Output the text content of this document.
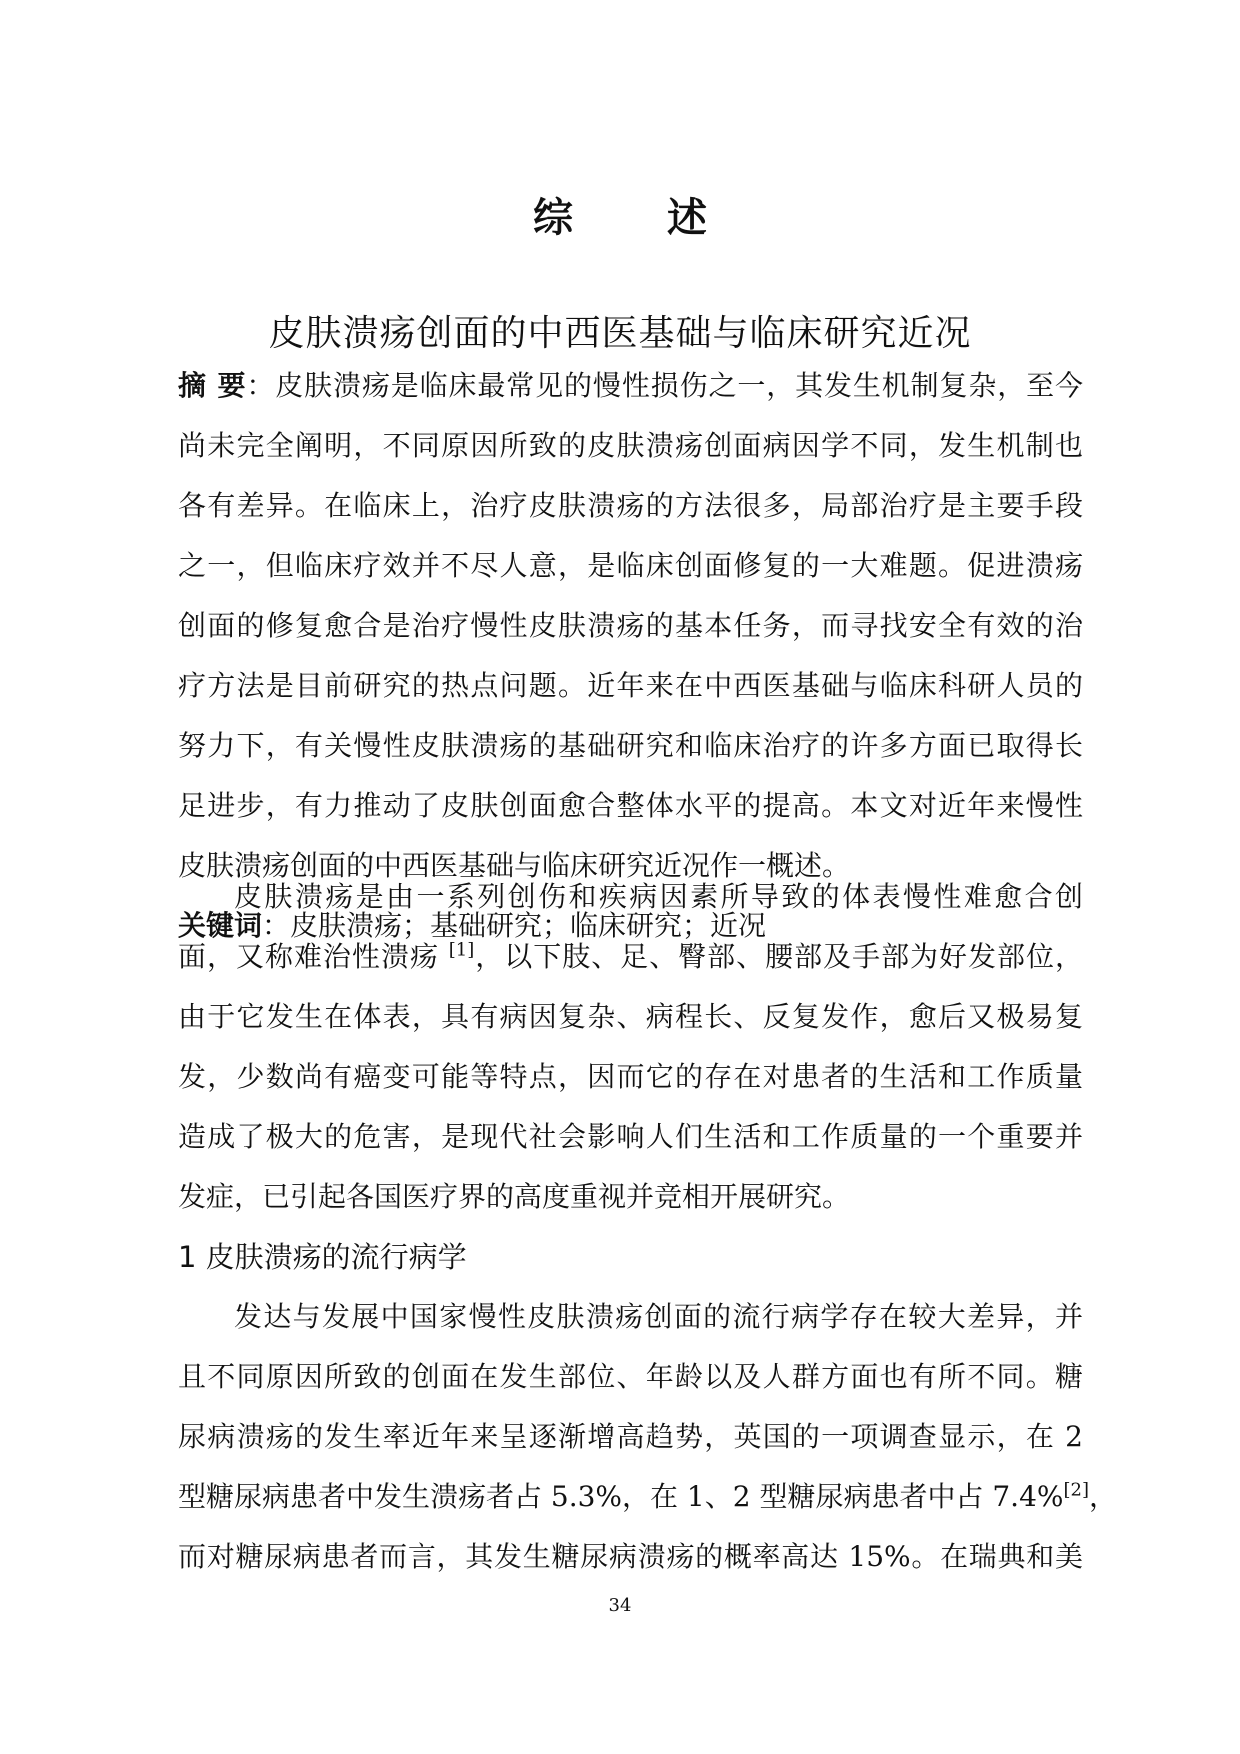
综 述
皮肤溃疡创面的中西医基础与临床研究近况
摘 要：皮肤溃疡是临床最常见的慢性损伤之一，其发生机制复杂，至今
尚未完全阐明，不同原因所致的皮肤溃疡创面病因学不同，发生机制也
各有差异。在临床上，治疗皮肤溃疡的方法很多，局部治疗是主要手段
之一，但临床疗效并不尽人意，是临床创面修复的一大难题。促进溃疡
创面的修复愈合是治疗慢性皮肤溃疡的基本任务，而寻找安全有效的治
疗方法是目前研究的热点问题。近年来在中西医基础与临床科研人员的
努力下，有关慢性皮肤溃疡的基础研究和临床治疗的许多方面已取得长
足进步，有力推动了皮肤创面愈合整体水平的提高。本文对近年来慢性
皮肤溃疡创面的中西医基础与临床研究近况作一概述。
关键词：皮肤溃疡；基础研究；临床研究；近况
皮肤溃疡是由一系列创伤和疾病因素所导致的体表慢性难愈合创
面，又称难治性溃疡 [1]，以下肢、足、臀部、腰部及手部为好发部位，
由于它发生在体表，具有病因复杂、病程长、反复发作，愈后又极易复
发，少数尚有癌变可能等特点，因而它的存在对患者的生活和工作质量
造成了极大的危害，是现代社会影响人们生活和工作质量的一个重要并
发症，已引起各国医疗界的高度重视并竞相开展研究。
1 皮肤溃疡的流行病学
发达与发展中国家慢性皮肤溃疡创面的流行病学存在较大差异，并
且不同原因所致的创面在发生部位、年龄以及人群方面也有所不同。糖
尿病溃疡的发生率近年来呈逐渐增高趋势，英国的一项调查显示，在 2
型糖尿病患者中发生溃疡者占 5.3%，在 1、2 型糖尿病患者中占 7.4%[2]，
而对糖尿病患者而言，其发生糖尿病溃疡的概率高达 15%。在瑞典和美
34
